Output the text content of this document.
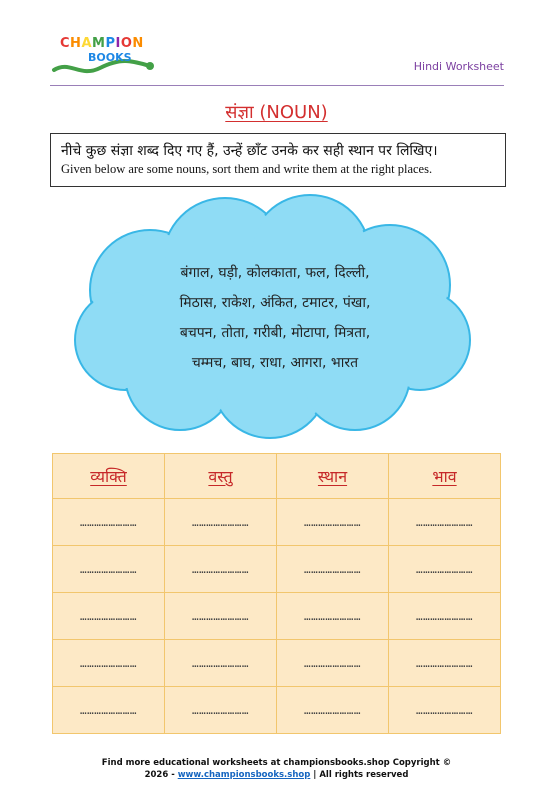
CHAMPION
BOOKS
Hindi Worksheet
संज्ञा (NOUN)
नीचे कुछ संज्ञा शब्द दिए गए हैं, उन्हें छाँट उनके कर सही स्थान पर लिखिए।
Given below are some nouns, sort them and write them at the right places.
बंगाल, घड़ी, कोलकाता, फल, दिल्ली,
मिठास, राकेश, अंकित, टमाटर, पंखा,
बचपन, तोता, गरीबी, मोटापा, मित्रता,
चम्मच, बाघ, राधा, आगरा, भारत
व्यक्ति	वस्तु	स्थान	भाव
……………………	……………………	……………………	……………………
……………………	……………………	……………………	……………………
……………………	……………………	……………………	……………………
……………………	……………………	……………………	……………………
……………………	……………………	……………………	……………………
Find more educational worksheets at championsbooks.shop Copyright ©
2026 - www.championsbooks.shop | All rights reserved
